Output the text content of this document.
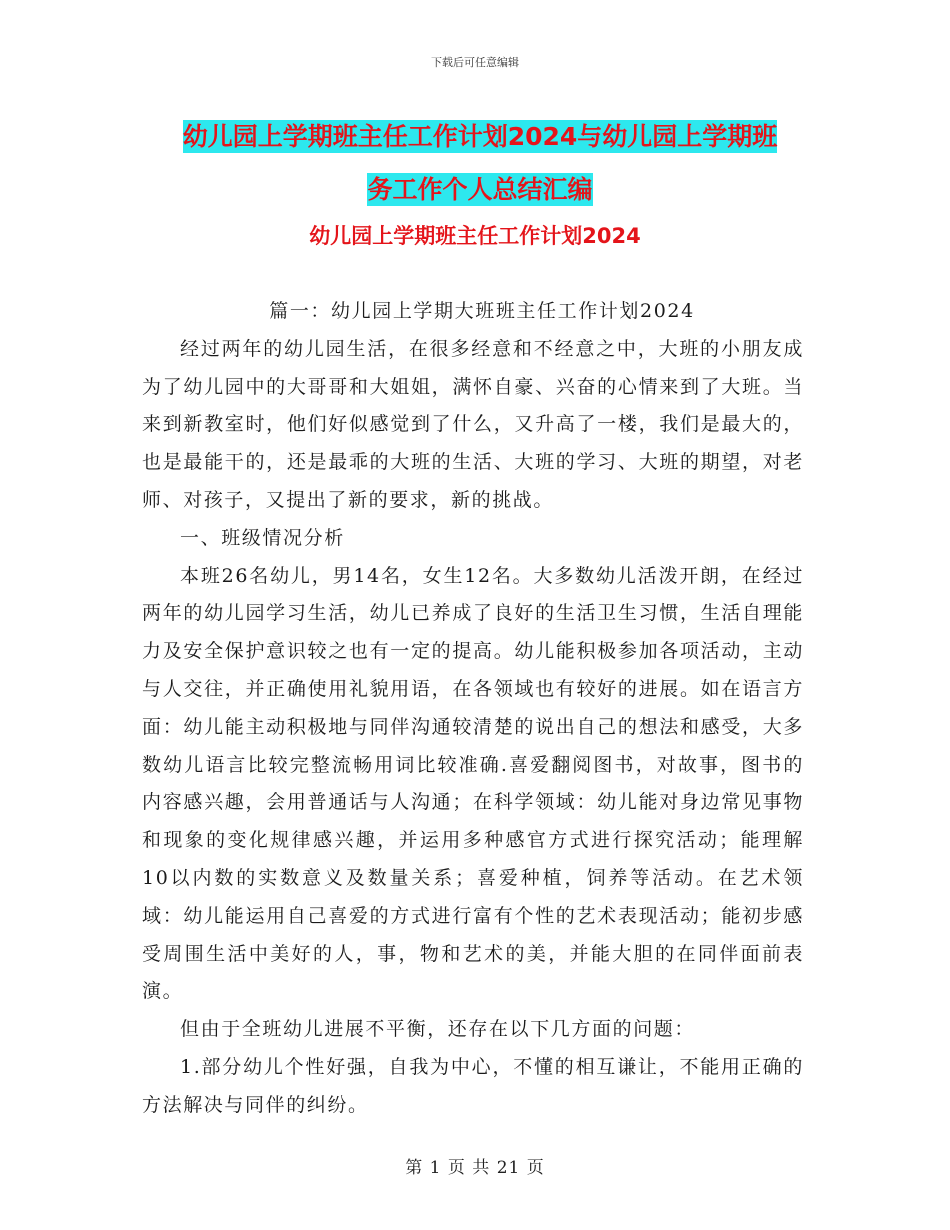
下载后可任意编辑
幼儿园上学期班主任工作计划2024与幼儿园上学期班
务工作个人总结汇编
幼儿园上学期班主任工作计划2024

篇一：幼儿园上学期大班班主任工作计划2024

经过两年的幼儿园生活，在很多经意和不经意之中，大班的小朋友成为了幼儿园中的大哥哥和大姐姐，满怀自豪、兴奋的心情来到了大班。当来到新教室时，他们好似感觉到了什么，又升高了一楼，我们是最大的，也是最能干的，还是最乖的大班的生活、大班的学习、大班的期望，对老师、对孩子，又提出了新的要求，新的挑战。

一、班级情况分析

本班26名幼儿，男14名，女生12名。大多数幼儿活泼开朗，在经过两年的幼儿园学习生活，幼儿已养成了良好的生活卫生习惯，生活自理能力及安全保护意识较之也有一定的提高。幼儿能积极参加各项活动，主动与人交往，并正确使用礼貌用语，在各领域也有较好的进展。如在语言方面：幼儿能主动积极地与同伴沟通较清楚的说出自己的想法和感受，大多数幼儿语言比较完整流畅用词比较准确.喜爱翻阅图书，对故事，图书的内容感兴趣，会用普通话与人沟通；在科学领域：幼儿能对身边常见事物和现象的变化规律感兴趣，并运用多种感官方式进行探究活动；能理解10以内数的实数意义及数量关系；喜爱种植，饲养等活动。在艺术领域：幼儿能运用自己喜爱的方式进行富有个性的艺术表现活动；能初步感受周围生活中美好的人，事，物和艺术的美，并能大胆的在同伴面前表演。

但由于全班幼儿进展不平衡，还存在以下几方面的问题：

1.部分幼儿个性好强，自我为中心，不懂的相互谦让，不能用正确的方法解决与同伴的纠纷。

第 1 页 共 21 页
